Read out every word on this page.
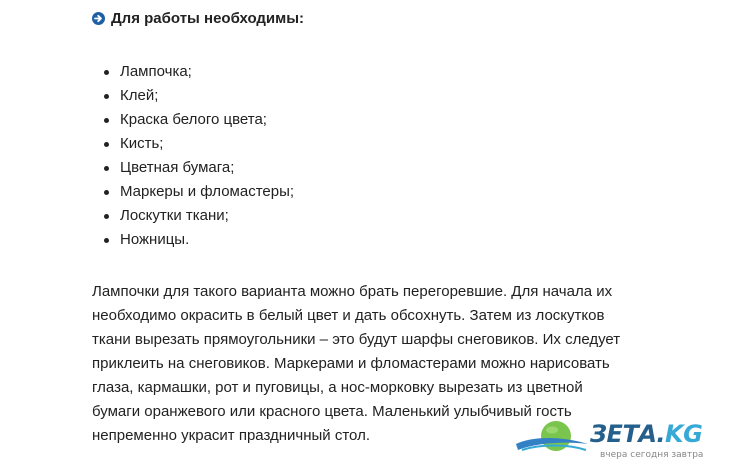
Для работы необходимы:
Лампочка;
Клей;
Краска белого цвета;
Кисть;
Цветная бумага;
Маркеры и фломастеры;
Лоскутки ткани;
Ножницы.

Лампочки для такого варианта можно брать перегоревшие. Для начала их
необходимо окрасить в белый цвет и дать обсохнуть. Затем из лоскутков
ткани вырезать прямоугольники – это будут шарфы снеговиков. Их следует
приклеить на снеговиков. Маркерами и фломастерами можно нарисовать
глаза, кармашки, рот и пуговицы, а нос-морковку вырезать из цветной
бумаги оранжевого или красного цвета. Маленький улыбчивый гость
непременно украсит праздничный стол.	ЗЕТА.KG
вчера сегодня завтра
